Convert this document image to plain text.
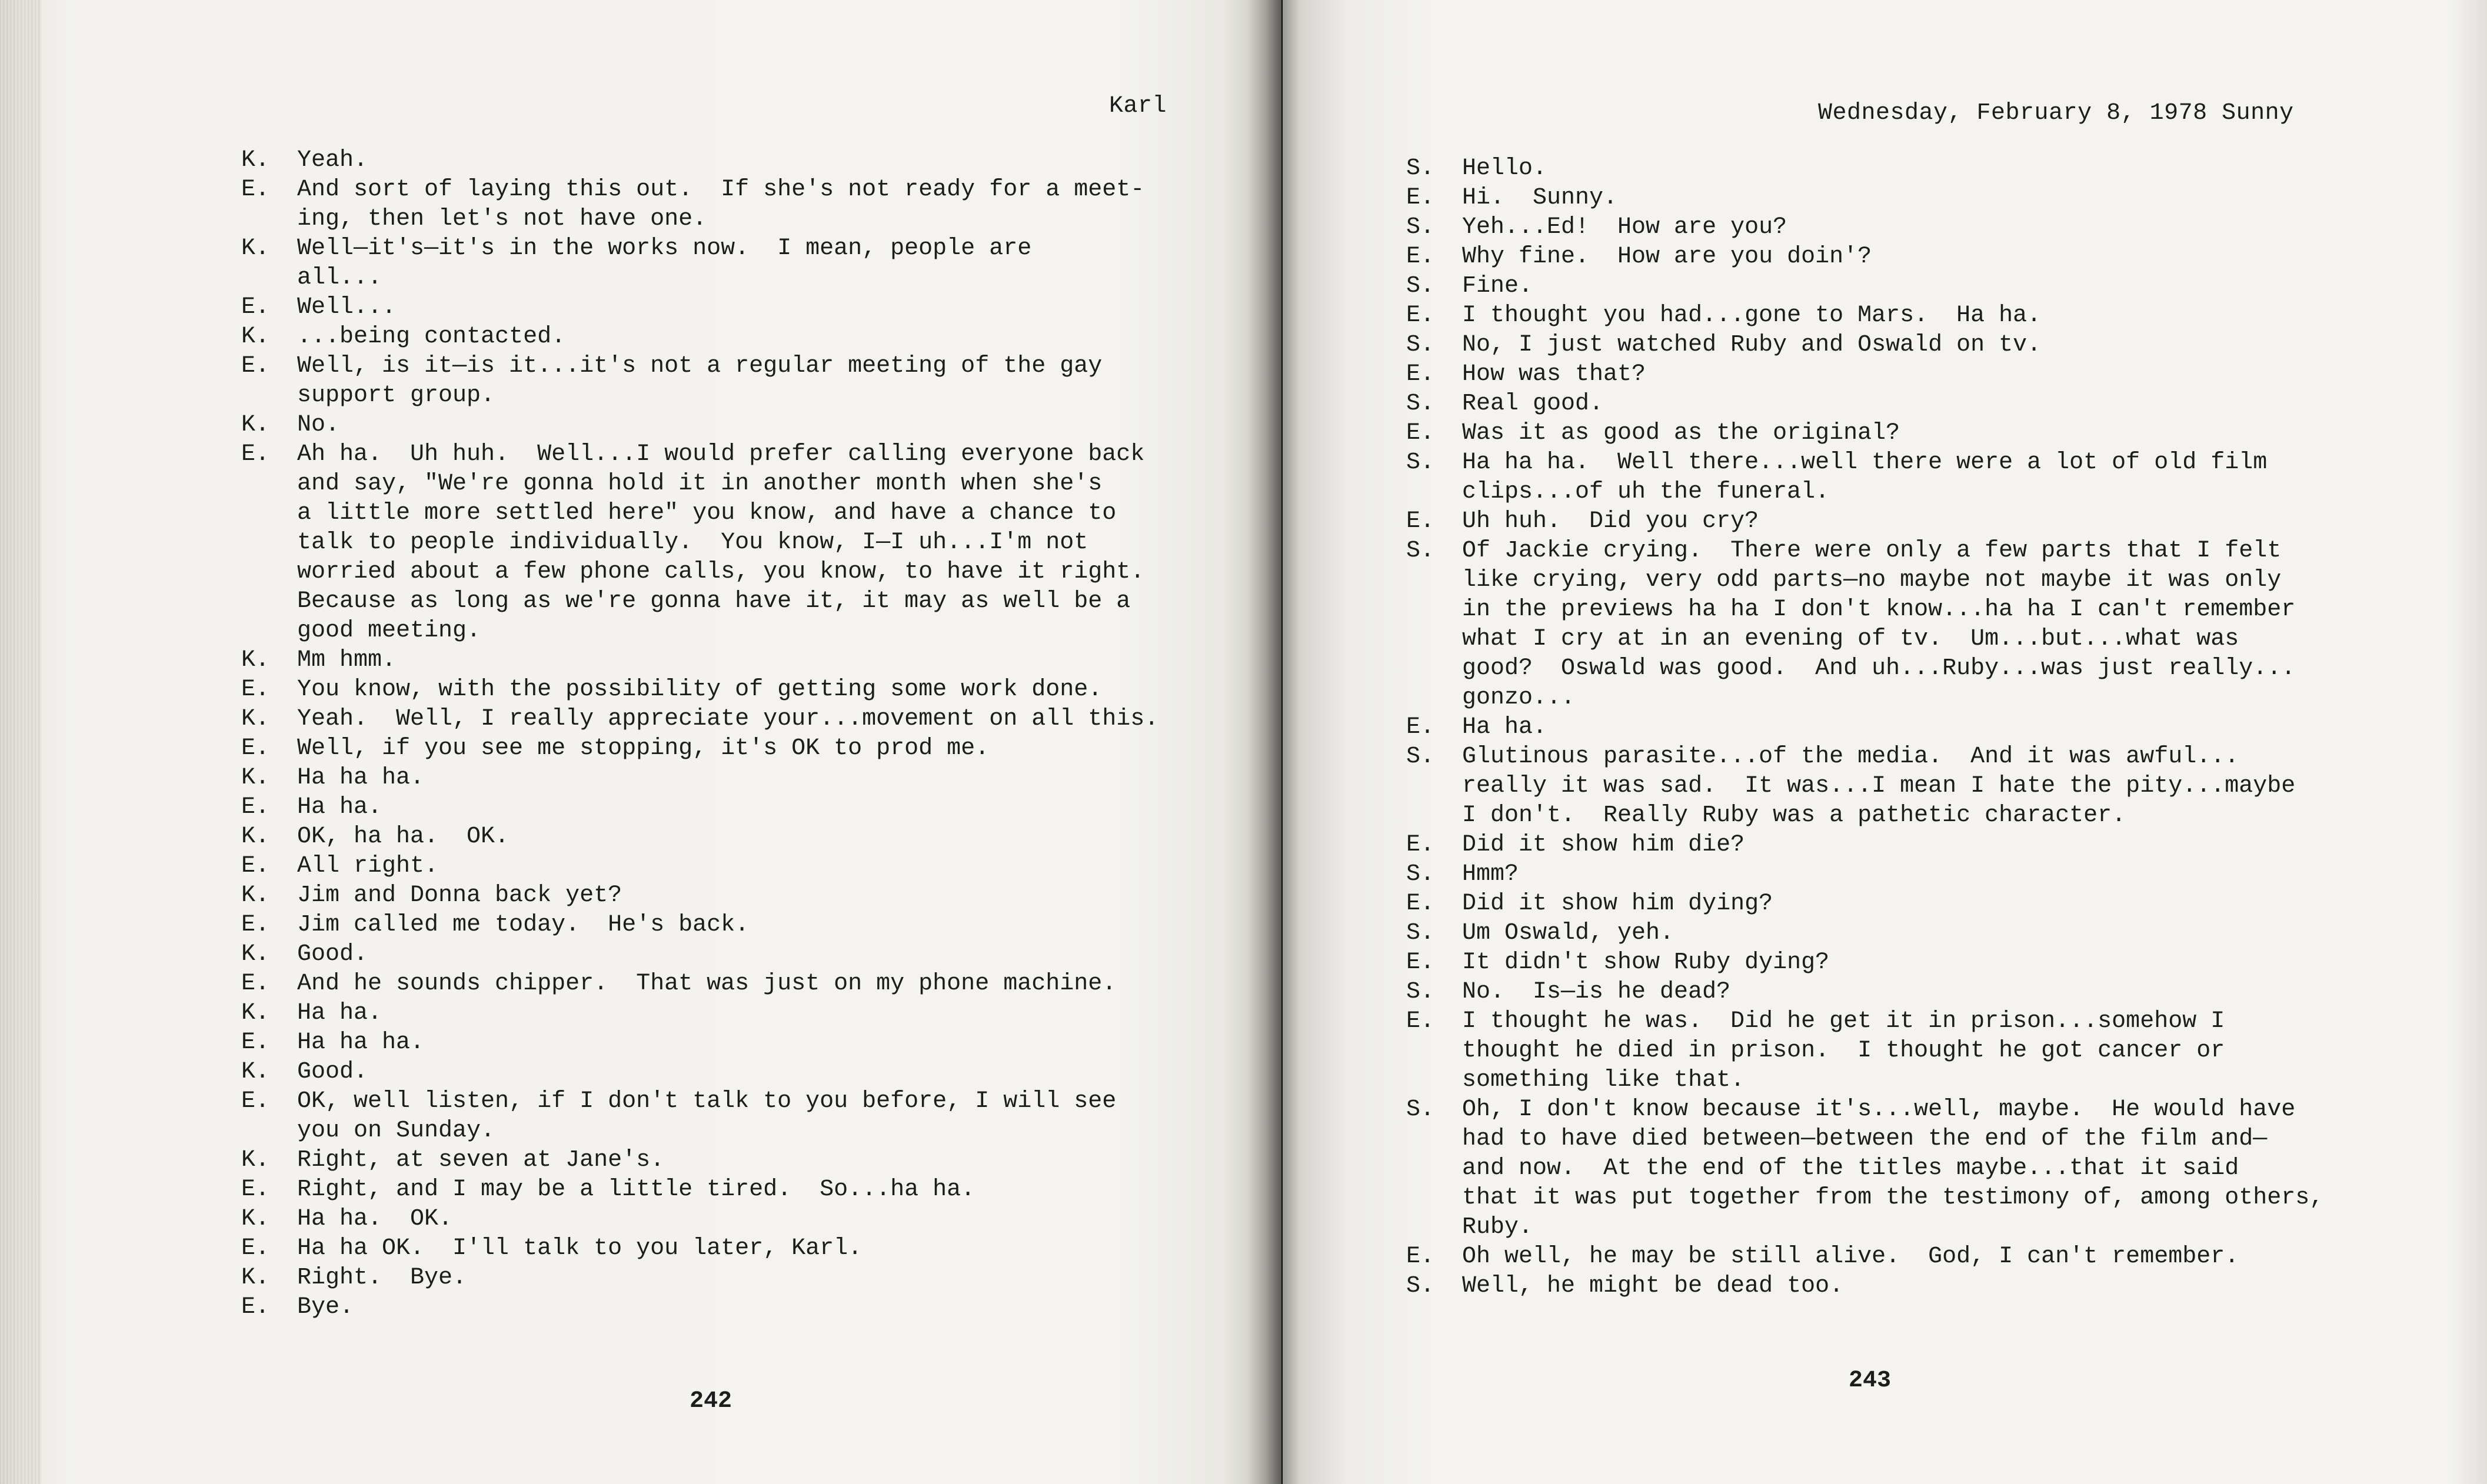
Karl
K. Yeah.
E. And sort of laying this out.  If she's not ready for a meet-
ing, then let's not have one.
K. Well—it's—it's in the works now.  I mean, people are
all...
E. Well...
K. ...being contacted.
E. Well, is it—is it...it's not a regular meeting of the gay
support group.
K. No.
E. Ah ha.  Uh huh.  Well...I would prefer calling everyone back
and say, "We're gonna hold it in another month when she's
a little more settled here" you know, and have a chance to
talk to people individually.  You know, I—I uh...I'm not
worried about a few phone calls, you know, to have it right.
Because as long as we're gonna have it, it may as well be a
good meeting.
K. Mm hmm.
E. You know, with the possibility of getting some work done.
K. Yeah.  Well, I really appreciate your...movement on all this.
E. Well, if you see me stopping, it's OK to prod me.
K. Ha ha ha.
E. Ha ha.
K. OK, ha ha.  OK.
E. All right.
K. Jim and Donna back yet?
E. Jim called me today.  He's back.
K. Good.
E. And he sounds chipper.  That was just on my phone machine.
K. Ha ha.
E. Ha ha ha.
K. Good.
E. OK, well listen, if I don't talk to you before, I will see
you on Sunday.
K. Right, at seven at Jane's.
E. Right, and I may be a little tired.  So...ha ha.
K. Ha ha.  OK.
E. Ha ha OK.  I'll talk to you later, Karl.
K. Right.  Bye.
E. Bye.
242
Wednesday, February 8, 1978 Sunny
S. Hello.
E. Hi.  Sunny.
S. Yeh...Ed!  How are you?
E. Why fine.  How are you doin'?
S. Fine.
E. I thought you had...gone to Mars.  Ha ha.
S. No, I just watched Ruby and Oswald on tv.
E. How was that?
S. Real good.
E. Was it as good as the original?
S. Ha ha ha.  Well there...well there were a lot of old film
clips...of uh the funeral.
E. Uh huh.  Did you cry?
S. Of Jackie crying.  There were only a few parts that I felt
like crying, very odd parts—no maybe not maybe it was only
in the previews ha ha I don't know...ha ha I can't remember
what I cry at in an evening of tv.  Um...but...what was
good?  Oswald was good.  And uh...Ruby...was just really...
gonzo...
E. Ha ha.
S. Glutinous parasite...of the media.  And it was awful...
really it was sad.  It was...I mean I hate the pity...maybe
I don't.  Really Ruby was a pathetic character.
E. Did it show him die?
S. Hmm?
E. Did it show him dying?
S. Um Oswald, yeh.
E. It didn't show Ruby dying?
S. No.  Is—is he dead?
E. I thought he was.  Did he get it in prison...somehow I
thought he died in prison.  I thought he got cancer or
something like that.
S. Oh, I don't know because it's...well, maybe.  He would have
had to have died between—between the end of the film and—
and now.  At the end of the titles maybe...that it said
that it was put together from the testimony of, among others,
Ruby.
E. Oh well, he may be still alive.  God, I can't remember.
S. Well, he might be dead too.
243
